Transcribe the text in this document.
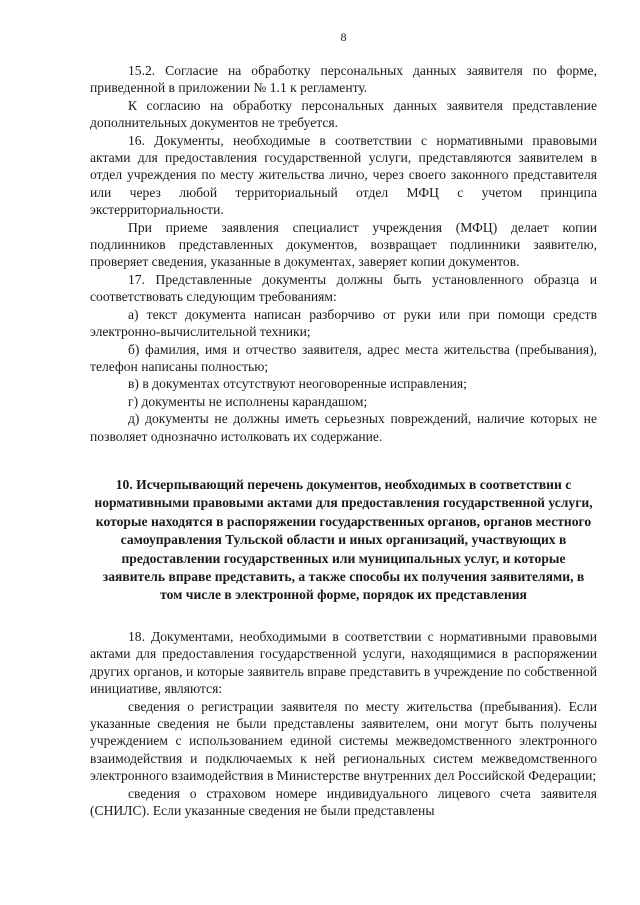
8

15.2. Согласие на обработку персональных данных заявителя по форме, приведенной в приложении № 1.1 к регламенту.

К согласию на обработку персональных данных заявителя представление дополнительных документов не требуется.

16. Документы, необходимые в соответствии с нормативными правовыми актами для предоставления государственной услуги, представляются заявителем в отдел учреждения по месту жительства лично, через своего законного представителя или через любой территориальный отдел МФЦ с учетом принципа экстерриториальности.

При приеме заявления специалист учреждения (МФЦ) делает копии подлинников представленных документов, возвращает подлинники заявителю, проверяет сведения, указанные в документах, заверяет копии документов.

17. Представленные документы должны быть установленного образца и соответствовать следующим требованиям:

а) текст документа написан разборчиво от руки или при помощи средств электронно-вычислительной техники;

б) фамилия, имя и отчество заявителя, адрес места жительства (пребывания), телефон написаны полностью;

в) в документах отсутствуют неоговоренные исправления;

г) документы не исполнены карандашом;

д) документы не должны иметь серьезных повреждений, наличие которых не позволяет однозначно истолковать их содержание.

10. Исчерпывающий перечень документов, необходимых в соответствии с нормативными правовыми актами для предоставления государственной услуги, которые находятся в распоряжении государственных органов, органов местного самоуправления Тульской области и иных организаций, участвующих в предоставлении государственных или муниципальных услуг, и которые заявитель вправе представить, а также способы их получения заявителями, в том числе в электронной форме, порядок их представления

18. Документами, необходимыми в соответствии с нормативными правовыми актами для предоставления государственной услуги, находящимися в распоряжении других органов, и которые заявитель вправе представить в учреждение по собственной инициативе, являются:

сведения о регистрации заявителя по месту жительства (пребывания). Если указанные сведения не были представлены заявителем, они могут быть получены учреждением с использованием единой системы межведомственного электронного взаимодействия и подключаемых к ней региональных систем межведомственного электронного взаимодействия в Министерстве внутренних дел Российской Федерации;

сведения о страховом номере индивидуального лицевого счета заявителя (СНИЛС). Если указанные сведения не были представлены
